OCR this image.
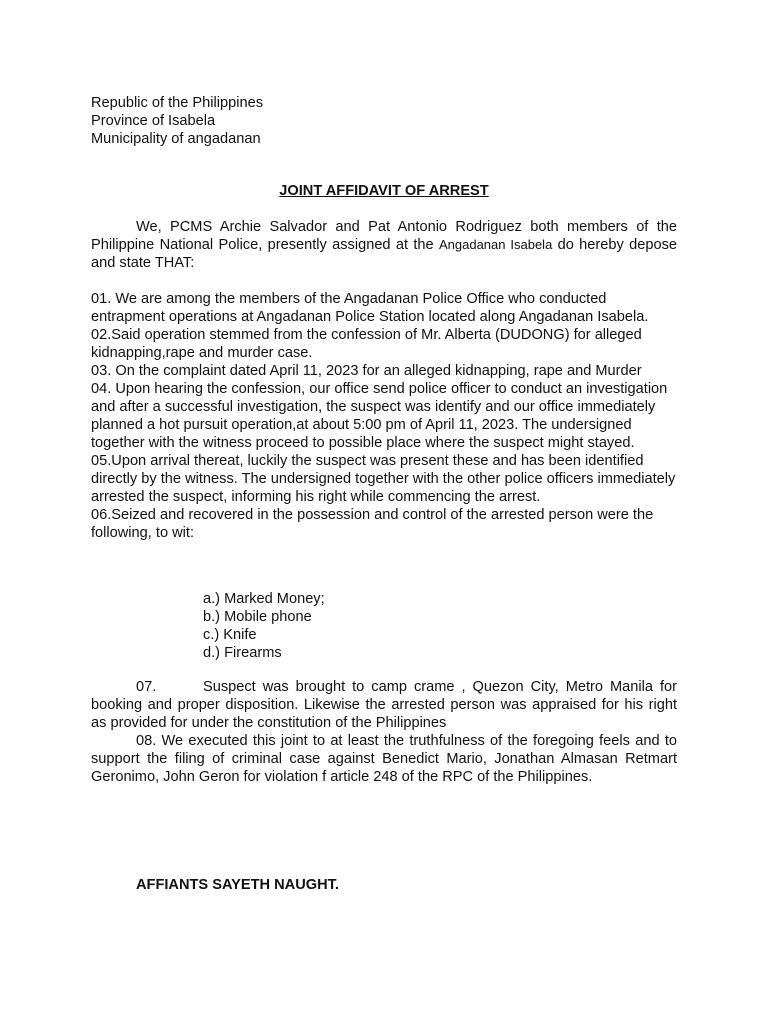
Republic of the Philippines
Province of Isabela
Municipality of angadanan
JOINT AFFIDAVIT OF ARREST
We, PCMS Archie Salvador and Pat Antonio Rodriguez both members of the Philippine National Police, presently assigned at the Angadanan Isabela do hereby depose and state THAT:

01. We are among the members of the Angadanan Police Office who conducted entrapment operations at Angadanan Police Station located along Angadanan Isabela.

02.Said operation stemmed from the confession of Mr. Alberta (DUDONG) for alleged kidnapping,rape and murder case.

03. On the complaint dated April 11, 2023 for an alleged kidnapping, rape and Murder

04. Upon hearing the confession, our office send police officer to conduct an investigation and after a successful investigation, the suspect was identify and our office immediately planned a hot pursuit operation,at about 5:00 pm of April 11, 2023. The undersigned together with the witness proceed to possible place where the suspect might stayed.

05.Upon arrival thereat, luckily the suspect was present these and has been identified directly by the witness. The undersigned together with the other police officers immediately arrested the suspect, informing his right while commencing the arrest.

06.Seized and recovered in the possession and control of the arrested person were the following, to wit:

a.) Marked Money;
b.) Mobile phone
c.) Knife
d.) Firearms
07.	Suspect was brought to camp crame , Quezon City, Metro Manila for booking and proper disposition. Likewise the arrested person was appraised for his right as provided for under the constitution of the Philippines
08. We executed this joint to at least the truthfulness of the foregoing feels and to support the filing of criminal case against Benedict Mario, Jonathan Almasan Retmart Geronimo, John Geron for violation f article 248 of the RPC of the Philippines.
AFFIANTS SAYETH NAUGHT.
